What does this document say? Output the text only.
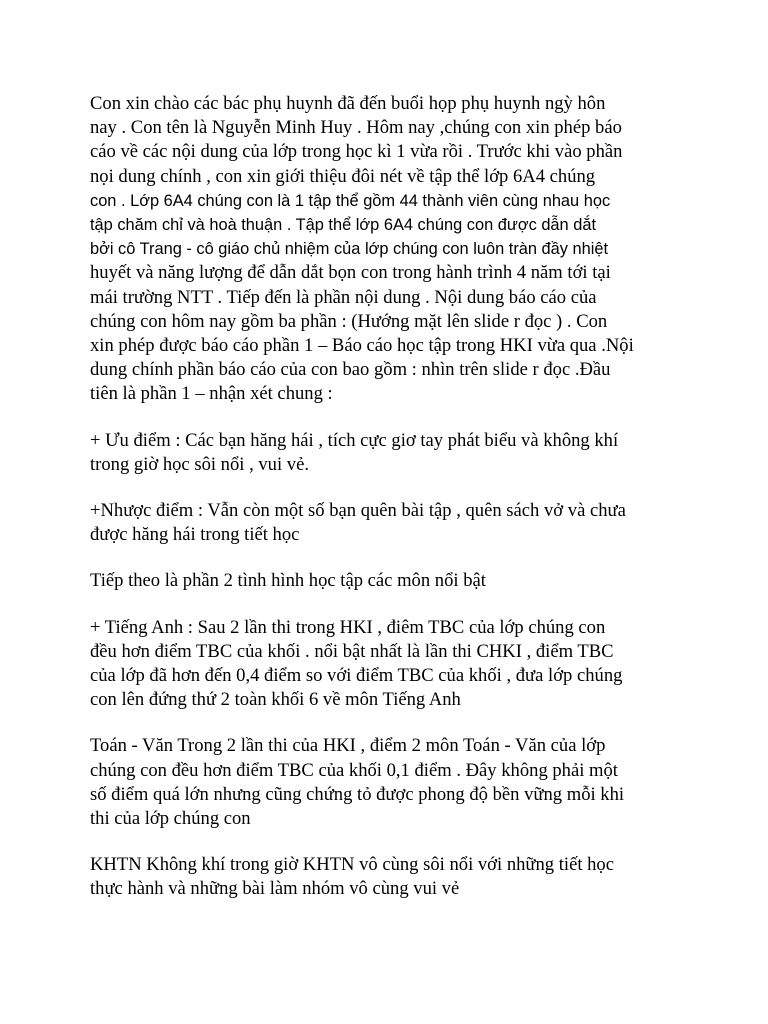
Con xin chào các bác phụ huynh đã đến buổi họp phụ huynh ngỳ hôn
nay . Con tên là Nguyễn Minh Huy . Hôm nay ,chúng con xin phép báo
cáo về các nội dung của lớp trong học kì 1 vừa rồi . Trước khi vào phần
nọi dung chính , con xin giới thiệu đôi nét về tập thể lớp 6A4 chúng
con . Lớp 6A4 chúng con là 1 tập thể gồm 44 thành viên cùng nhau học
tập chăm chỉ và hoà thuận . Tập thể lớp 6A4 chúng con được dẫn dắt
bởi cô Trang - cô giáo chủ nhiệm của lớp chúng con luôn tràn đầy nhiệt
huyết và năng lượng để dẫn dắt bọn con trong hành trình 4 năm tới tại
mái trường NTT . Tiếp đến là phần nội dung . Nội dung báo cáo của
chúng con hôm nay gồm ba phần : (Hướng mặt lên slide r đọc ) . Con
xin phép được báo cáo phần 1 – Báo cáo học tập trong HKI vừa qua .Nội
dung chính phần báo cáo của con bao gồm : nhìn trên slide r đọc .Đầu
tiên là phần 1 – nhận xét chung :

+ Ưu điểm : Các bạn hăng hái , tích cực giơ tay phát biểu và không khí
trong giờ học sôi nổi , vui vẻ.

+Nhược điểm : Vẫn còn một số bạn quên bài tập , quên sách vở và chưa
được hăng hái trong tiết học

Tiếp theo là phần 2 tình hình học tập các môn nổi bật

+ Tiếng Anh : Sau 2 lần thi trong HKI , điêm TBC của lớp chúng con
đều hơn điểm TBC của khối . nổi bật nhất là lần thi CHKI , điểm TBC
của lớp đã hơn đến 0,4 điểm so với điểm TBC của khối , đưa lớp chúng
con lên đứng thứ 2 toàn khối 6 về môn Tiếng Anh

Toán - Văn Trong 2 lần thi của HKI , điểm 2 môn Toán - Văn của lớp
chúng con đều hơn điểm TBC của khối 0,1 điểm . Đây không phải một
số điểm quá lớn nhưng cũng chứng tỏ được phong độ bền vững mỗi khi
thi của lớp chúng con

KHTN Không khí trong giờ KHTN vô cùng sôi nổi với những tiết học
thực hành và những bài làm nhóm vô cùng vui vẻ
